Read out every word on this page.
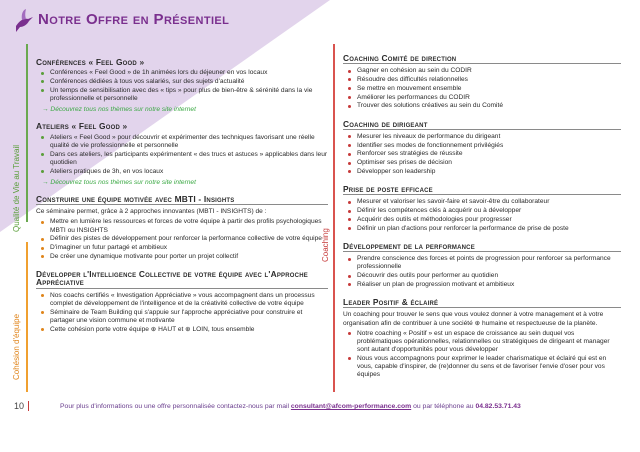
Notre Offre en Présentiel
Qualité de Vie au Travail
Cohésion d'équipe
Coaching
Conférences « Feel Good »
Conférences « Feel Good » de 1h animées lors du déjeuner en vos locaux
Conférences dédiées à tous vos salariés, sur des sujets d'actualité
Un temps de sensibilisation avec des « tips » pour plus de bien-être & sérénité dans la vie professionnelle et personnelle
→ Découvrez tous nos thèmes sur notre site internet
Ateliers « Feel Good »
Ateliers « Feel Good » pour découvrir et expérimenter des techniques favorisant une réelle qualité de vie professionnelle et personnelle
Dans ces ateliers, les participants expérimentent « des trucs et astuces » applicables dans leur quotidien
Ateliers pratiques de 3h, en vos locaux
→ Découvrez tous nos thèmes sur notre site internet
Construire une équipe motivée avec MBTI - Insights
Ce séminaire permet, grâce à 2 approches innovantes (MBTI - INSIGHTS) de :
Mettre en lumière les ressources et forces de votre équipe à partir des profils psychologiques MBTI ou INSIGHTS
Définir des pistes de développement pour renforcer la performance collective de votre équipe
D'imaginer un futur partagé et ambitieux
De créer une dynamique motivante pour porter un projet collectif
Développer l'Intelligence Collective de votre équipe avec l'Approche Appréciative
Nos coachs certifiés « Investigation Appréciative » vous accompagnent dans un processus complet de développement de l'intelligence et de la créativité collective de votre équipe
Séminaire de Team Building qui s'appuie sur l'approche appréciative pour construire et partager une vision commune et motivante
Cette cohésion porte votre équipe ⊕ HAUT et ⊕ LOIN, tous ensemble
Coaching Comité de direction
Gagner en cohésion au sein du CODIR
Résoudre des difficultés relationnelles
Se mettre en mouvement ensemble
Améliorer les performances du CODIR
Trouver des solutions créatives au sein du Comité
Coaching de dirigeant
Mesurer les niveaux de performance du dirigeant
Identifier ses modes de fonctionnement privilégiés
Renforcer ses stratégies de réussite
Optimiser ses prises de décision
Développer son leadership
Prise de poste efficace
Mesurer et valoriser les savoir-faire et savoir-être du collaborateur
Définir les compétences clés à acquérir ou à développer
Acquérir des outils et méthodologies pour progresser
Définir un plan d'actions pour renforcer la performance de prise de poste
Développement de la performance
Prendre conscience des forces et points de progression pour renforcer sa performance professionnelle
Découvrir des outils pour performer au quotidien
Réaliser un plan de progression motivant et ambitieux
Leader Positif & éclairé
Un coaching pour trouver le sens que vous voulez donner à votre management et à votre organisation afin de contribuer à une société ⊕ humaine et respectueuse de la planète.
Notre coaching « Positif » est un espace de croissance au sein duquel vos problématiques opérationnelles, relationnelles ou stratégiques de dirigeant et manager sont autant d'opportunités pour vous développer
Nous vous accompagnons pour exprimer le leader charismatique et éclairé qui est en vous, capable d'inspirer, de (re)donner du sens et de favoriser l'envie d'oser pour vos équipes
10	Pour plus d'informations ou une offre personnalisée contactez-nous par mail consultant@afcom-performance.com ou par téléphone au 04.82.53.71.43
